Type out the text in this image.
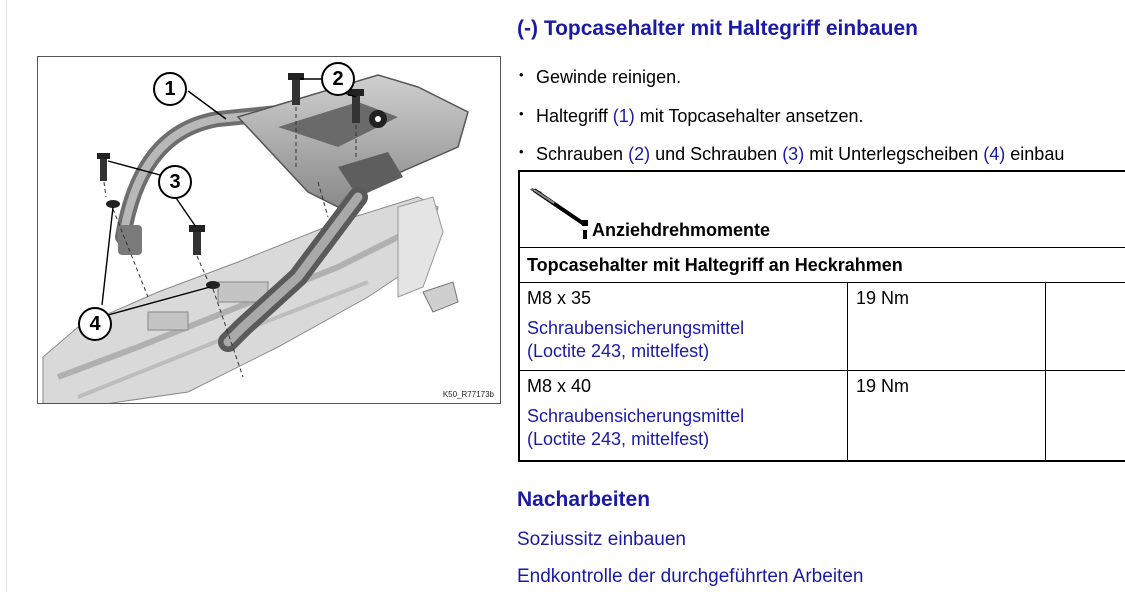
1	2
3
4
K50_R77173b
(-) Topcasehalter mit Haltegriff einbauen
• Gewinde reinigen.
• Haltegriff (1) mit Topcasehalter ansetzen.
• Schrauben (2) und Schrauben (3) mit Unterlegscheiben (4) einbau
Anziehdrehmomente
Topcasehalter mit Haltegriff an Heckrahmen
M8 x 35
Schraubensicherungsmittel
(Loctite 243, mittelfest)
19 Nm
M8 x 40
Schraubensicherungsmittel
(Loctite 243, mittelfest)
19 Nm
Nacharbeiten
Soziussitz einbauen
Endkontrolle der durchgeführten Arbeiten
